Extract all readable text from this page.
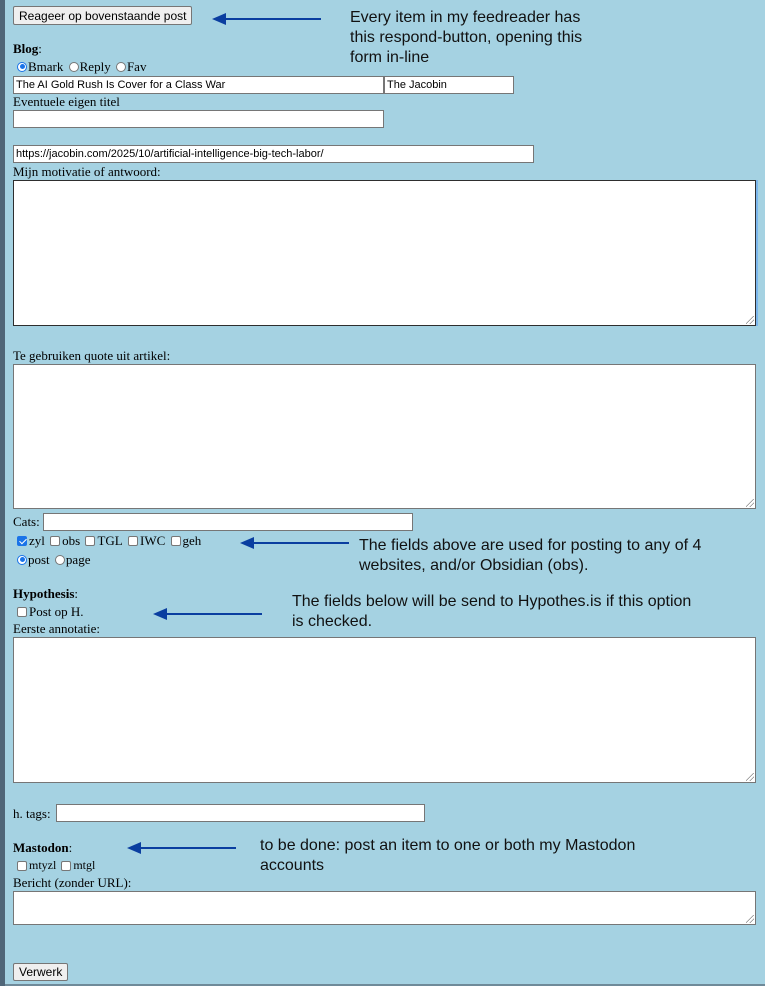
Reageer op bovenstaande post
Blog:
Bmark
Reply
Fav
The AI Gold Rush Is Cover for a Class War	The Jacobin
Eventuele eigen titel
https://jacobin.com/2025/10/artificial-intelligence-big-tech-labor/
Mijn motivatie of antwoord:
Te gebruiken quote uit artikel:
Cats:
zyl
obs
TGL
IWC
geh
post
page
Hypothesis:
Post op H.
Eerste annotatie:
h. tags:
Mastodon:
mtyzl
mtgl
Bericht (zonder URL):
Verwerk
Every item in my feedreader has
this respond-button, opening this
form in-line
The fields above are used for posting to any of 4
websites, and/or Obsidian (obs).
The fields below will be send to Hypothes.is if this option
is checked.
to be done: post an item to one or both my Mastodon
accounts
